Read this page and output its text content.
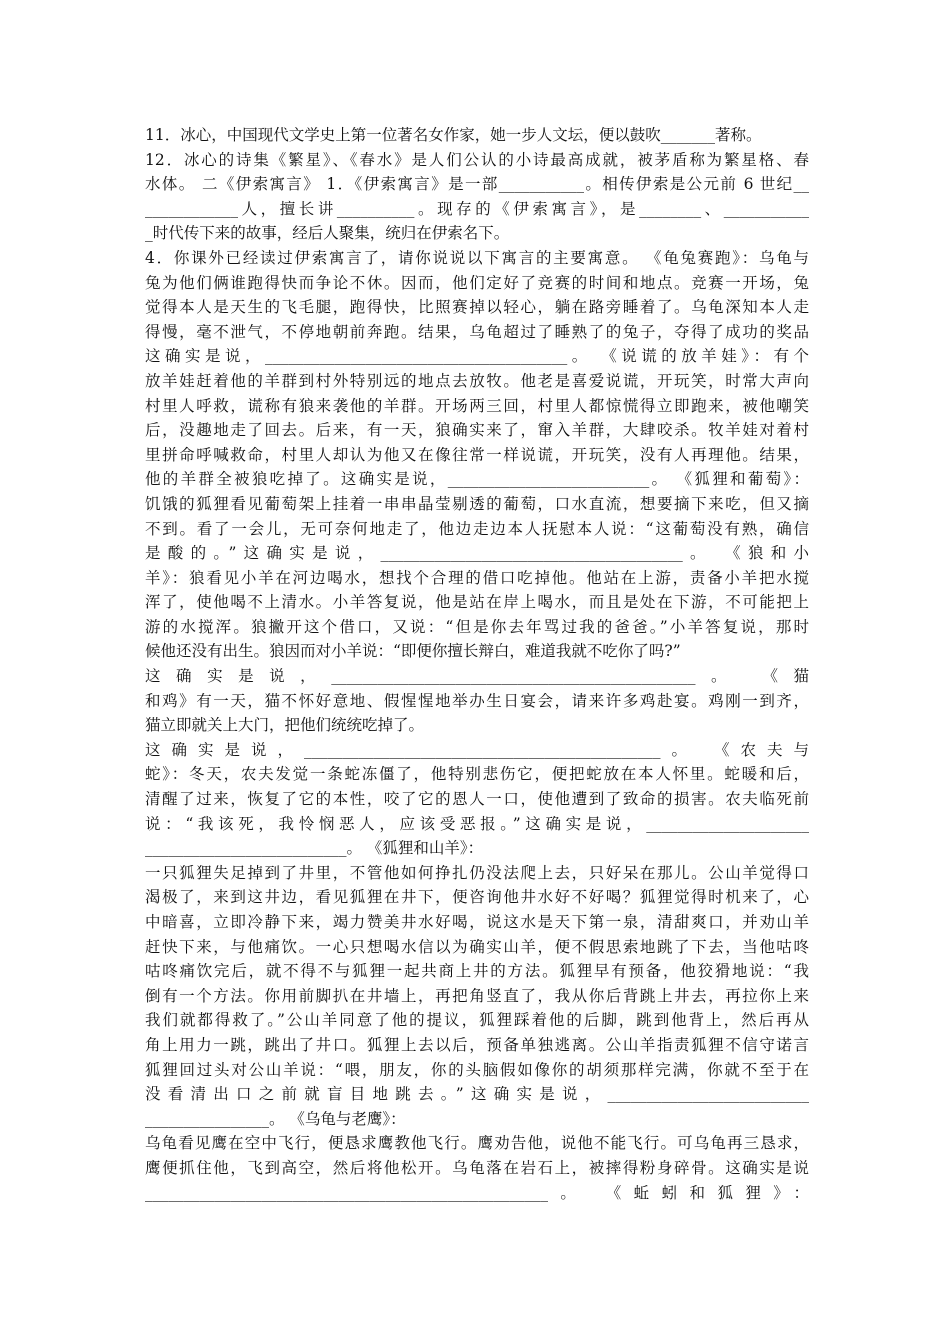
11．冰心，中国现代文学史上第一位著名女作家，她一步人文坛，便以鼓吹_______著称。
12．冰心的诗集《繁星》、《春水》是人们公认的小诗最高成就，被茅盾称为繁星格、春
水体。 二《伊索寓言》 1．《伊索寓言》是一部___________。相传伊索是公元前 6 世纪__
____________人，擅长讲__________。现存的《伊索寓言》，是________、___________
_时代传下来的故事，经后人聚集，统归在伊索名下。
4．你课外已经读过伊索寓言了，请你说说以下寓言的主要寓意。 《龟兔赛跑》：乌龟与
兔为他们俩谁跑得快而争论不休。因而，他们定好了竞赛的时间和地点。竞赛一开场，兔
觉得本人是天生的飞毛腿，跑得快，比照赛掉以轻心，躺在路旁睡着了。乌龟深知本人走
得慢，毫不泄气，不停地朝前奔跑。结果，乌龟超过了睡熟了的兔子，夺得了成功的奖品
这确实是说，_______________________________________。 《说谎的放羊娃》：有个
放羊娃赶着他的羊群到村外特别远的地点去放牧。他老是喜爱说谎，开玩笑，时常大声向
村里人呼救，谎称有狼来袭他的羊群。开场两三回，村里人都惊慌得立即跑来，被他嘲笑
后，没趣地走了回去。后来，有一天，狼确实来了，窜入羊群，大肆咬杀。牧羊娃对着村
里拼命呼喊救命，村里人却认为他又在像往常一样说谎，开玩笑，没有人再理他。结果，
他的羊群全被狼吃掉了。这确实是说，__________________________。 《狐狸和葡萄》：
饥饿的狐狸看见葡萄架上挂着一串串晶莹剔透的葡萄，口水直流，想要摘下来吃，但又摘
不到。看了一会儿，无可奈何地走了，他边走边本人抚慰本人说：“这葡萄没有熟，确信
是酸的。”这确实是说，_______________________________________。 《狼和小
羊》：狼看见小羊在河边喝水，想找个合理的借口吃掉他。他站在上游，责备小羊把水搅
浑了，使他喝不上清水。小羊答复说，他是站在岸上喝水，而且是处在下游，不可能把上
游的水搅浑。狼撇开这个借口，又说：“但是你去年骂过我的爸爸。”小羊答复说，那时
候他还没有出生。狼因而对小羊说：“即便你擅长辩白，难道我就不吃你了吗?”
这确实是说，_______________________________________________。 《猫
和鸡》有一天，猫不怀好意地、假惺惺地举办生日宴会，请来许多鸡赴宴。鸡刚一到齐，
猫立即就关上大门，把他们统统吃掉了。
这确实是说，______________________________________________。 《农夫与
蛇》：冬天，农夫发觉一条蛇冻僵了，他特别悲伤它，便把蛇放在本人怀里。蛇暖和后，
清醒了过来，恢复了它的本性，咬了它的恩人一口，使他遭到了致命的损害。农夫临死前
说：“我该死，我怜悯恶人，应该受恶报。”这确实是说，_____________________
__________________________。 《狐狸和山羊》：
一只狐狸失足掉到了井里，不管他如何挣扎仍没法爬上去，只好呆在那儿。公山羊觉得口
渴极了，来到这井边，看见狐狸在井下，便咨询他井水好不好喝？狐狸觉得时机来了，心
中暗喜，立即冷静下来，竭力赞美井水好喝，说这水是天下第一泉，清甜爽口，并劝山羊
赶快下来，与他痛饮。一心只想喝水信以为确实山羊，便不假思索地跳了下去，当他咕咚
咕咚痛饮完后，就不得不与狐狸一起共商上井的方法。狐狸早有预备，他狡猾地说：“我
倒有一个方法。你用前脚扒在井墙上，再把角竖直了，我从你后背跳上井去，再拉你上来
我们就都得救了。”公山羊同意了他的提议，狐狸踩着他的后脚，跳到他背上，然后再从
角上用力一跳，跳出了井口。狐狸上去以后，预备单独逃离。公山羊指责狐狸不信守诺言
狐狸回过头对公山羊说：“喂，朋友，你的头脑假如像你的胡须那样完满，你就不至于在
没看清出口之前就盲目地跳去。”这确实是说，__________________________
________________。 《乌龟与老鹰》：
乌龟看见鹰在空中飞行，便恳求鹰教他飞行。鹰劝告他，说他不能飞行。可乌龟再三恳求，
鹰便抓住他，飞到高空，然后将他松开。乌龟落在岩石上，被摔得粉身碎骨。这确实是说
____________________________________________________。 《蚯蚓和狐狸》：
